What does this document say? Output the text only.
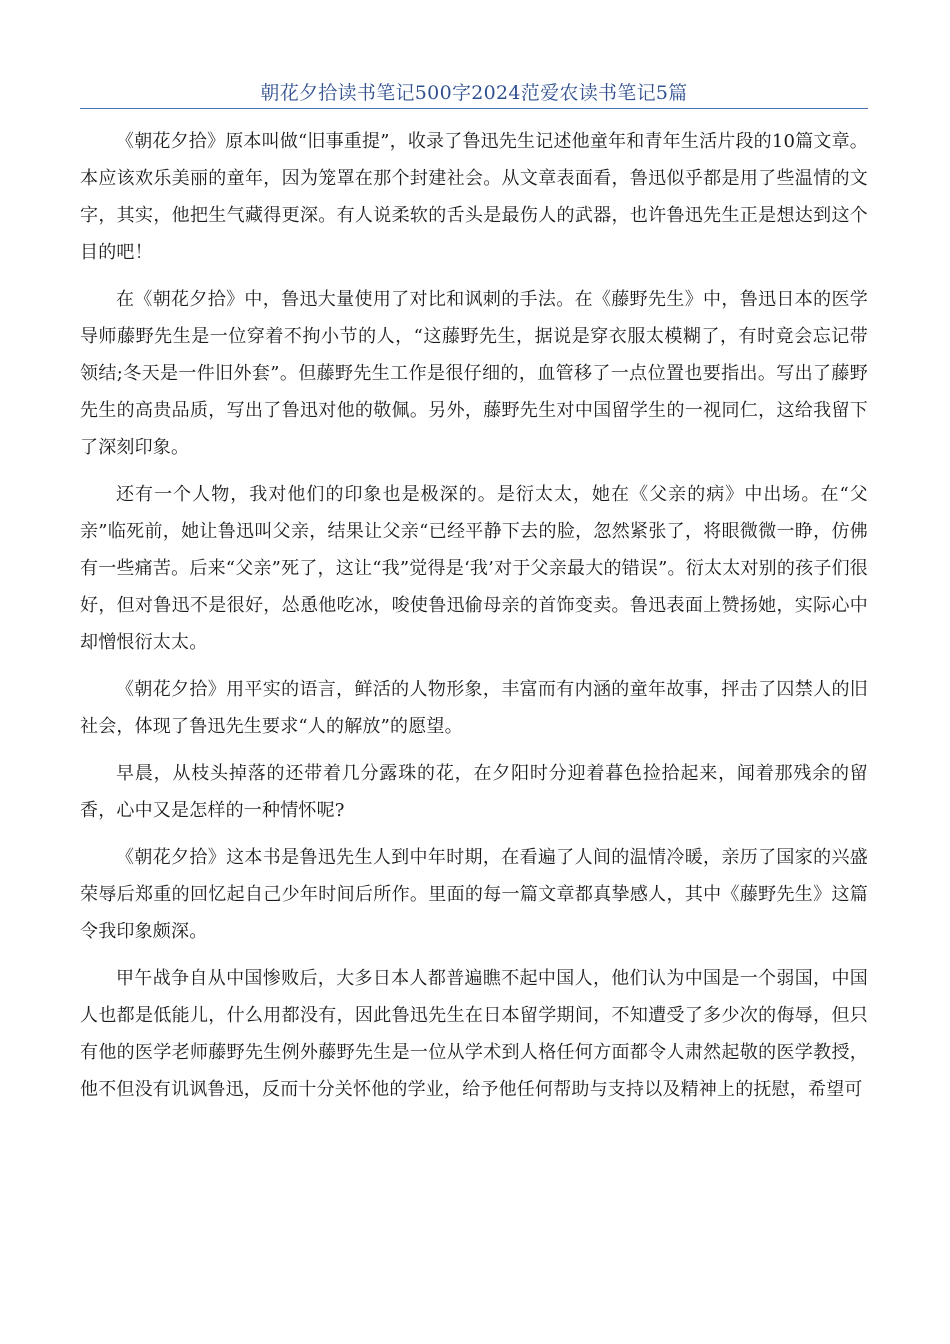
朝花夕拾读书笔记500字2024范爱农读书笔记5篇

《朝花夕拾》原本叫做“旧事重提”，收录了鲁迅先生记述他童年和青年生活片段的10篇文章。本应该欢乐美丽的童年，因为笼罩在那个封建社会。从文章表面看，鲁迅似乎都是用了些温情的文字，其实，他把生气藏得更深。有人说柔软的舌头是最伤人的武器，也许鲁迅先生正是想达到这个目的吧！

在《朝花夕拾》中，鲁迅大量使用了对比和讽刺的手法。在《藤野先生》中，鲁迅日本的医学导师藤野先生是一位穿着不拘小节的人，“这藤野先生，据说是穿衣服太模糊了，有时竟会忘记带领结;冬天是一件旧外套”。但藤野先生工作是很仔细的，血管移了一点位置也要指出。写出了藤野先生的高贵品质，写出了鲁迅对他的敬佩。另外，藤野先生对中国留学生的一视同仁，这给我留下了深刻印象。

还有一个人物，我对他们的印象也是极深的。是衍太太，她在《父亲的病》中出场。在“父亲”临死前，她让鲁迅叫父亲，结果让父亲“已经平静下去的脸，忽然紧张了，将眼微微一睁，仿佛有一些痛苦。后来“父亲”死了，这让“我”觉得是‘我’对于父亲最大的错误”。衍太太对别的孩子们很好，但对鲁迅不是很好，怂恿他吃冰，唆使鲁迅偷母亲的首饰变卖。鲁迅表面上赞扬她，实际心中却憎恨衍太太。

《朝花夕拾》用平实的语言，鲜活的人物形象，丰富而有内涵的童年故事，抨击了囚禁人的旧社会，体现了鲁迅先生要求“人的解放”的愿望。

早晨，从枝头掉落的还带着几分露珠的花，在夕阳时分迎着暮色捡拾起来，闻着那残余的留香，心中又是怎样的一种情怀呢?

《朝花夕拾》这本书是鲁迅先生人到中年时期，在看遍了人间的温情冷暖，亲历了国家的兴盛荣辱后郑重的回忆起自己少年时间后所作。里面的每一篇文章都真挚感人，其中《藤野先生》这篇令我印象颇深。

甲午战争自从中国惨败后，大多日本人都普遍瞧不起中国人，他们认为中国是一个弱国，中国人也都是低能儿，什么用都没有，因此鲁迅先生在日本留学期间，不知遭受了多少次的侮辱，但只有他的医学老师藤野先生例外藤野先生是一位从学术到人格任何方面都令人肃然起敬的医学教授，他不但没有讥讽鲁迅，反而十分关怀他的学业，给予他任何帮助与支持以及精神上的抚慰，希望可
